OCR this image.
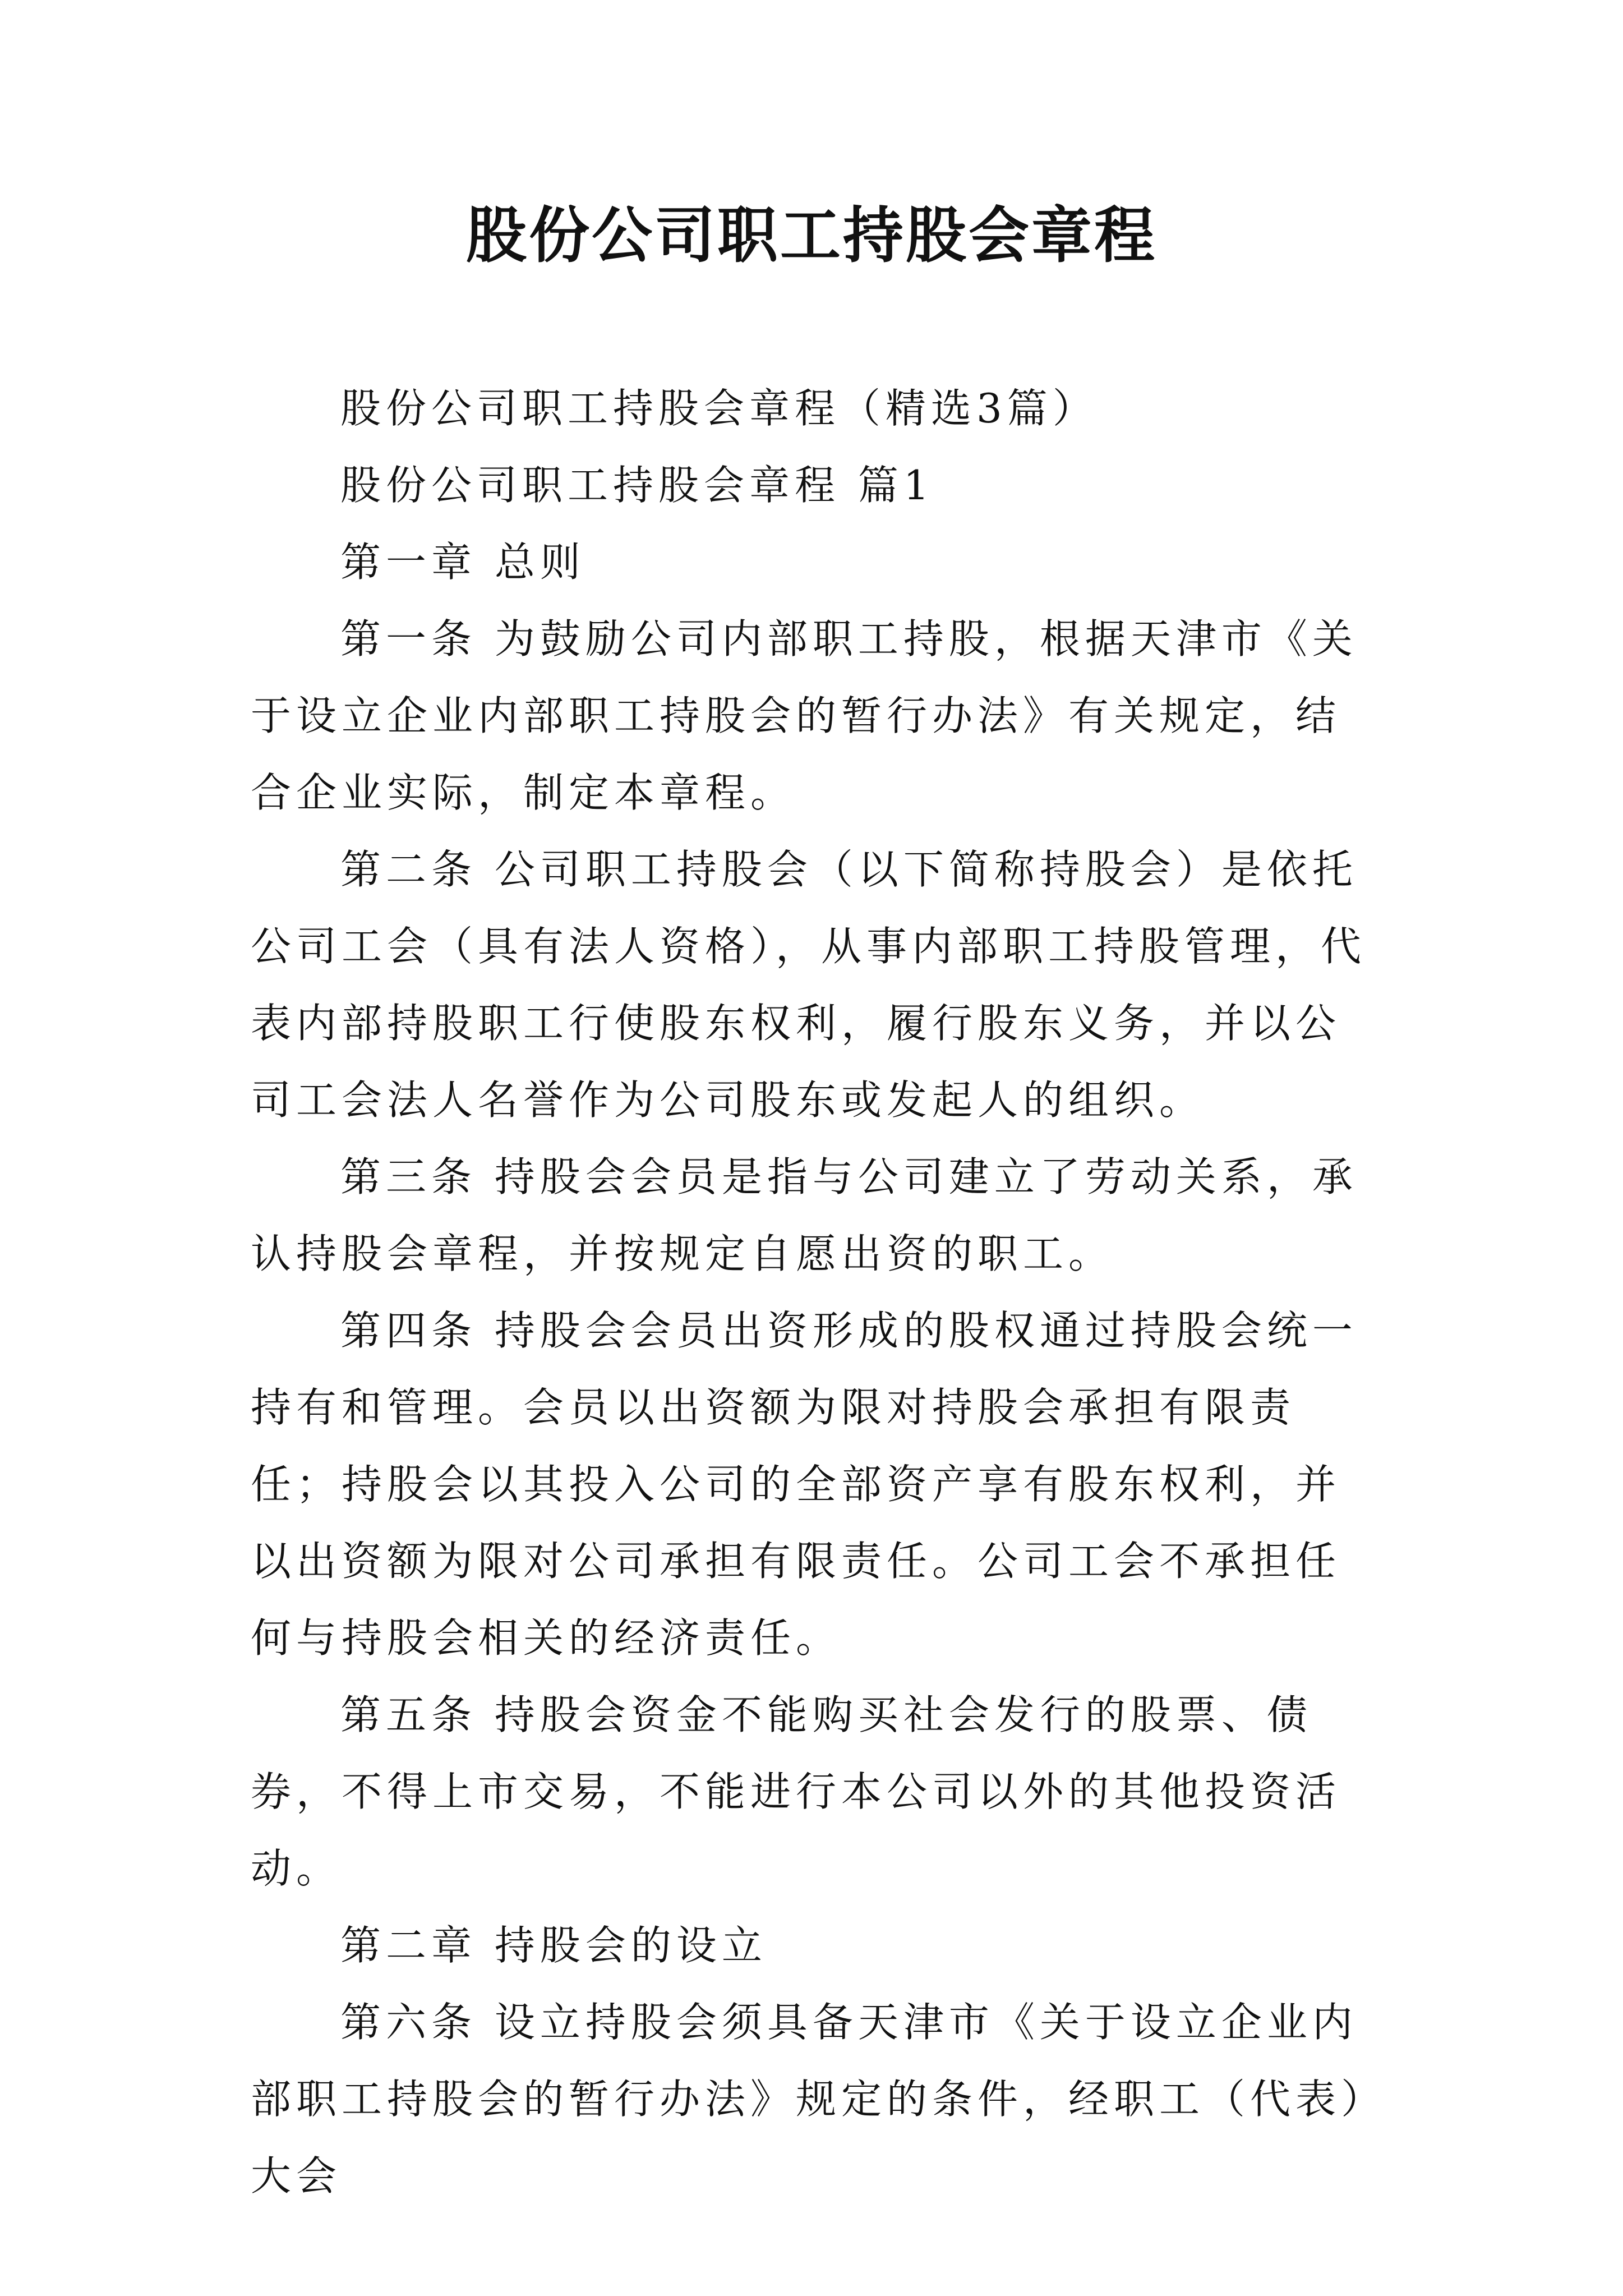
股份公司职工持股会章程

股份公司职工持股会章程（精选3篇）

股份公司职工持股会章程 篇1

第一章 总则

第一条 为鼓励公司内部职工持股，根据天津市《关于设立企业内部职工持股会的暂行办法》有关规定，结合企业实际，制定本章程。

第二条 公司职工持股会（以下简称持股会）是依托公司工会（具有法人资格），从事内部职工持股管理，代表内部持股职工行使股东权利，履行股东义务，并以公司工会法人名誉作为公司股东或发起人的组织。

第三条 持股会会员是指与公司建立了劳动关系，承认持股会章程，并按规定自愿出资的职工。

第四条 持股会会员出资形成的股权通过持股会统一持有和管理。会员以出资额为限对持股会承担有限责任；持股会以其投入公司的全部资产享有股东权利，并以出资额为限对公司承担有限责任。公司工会不承担任何与持股会相关的经济责任。

第五条 持股会资金不能购买社会发行的股票、债券，不得上市交易，不能进行本公司以外的其他投资活动。

第二章 持股会的设立

第六条 设立持股会须具备天津市《关于设立企业内部职工持股会的暂行办法》规定的条件，经职工（代表）大会
